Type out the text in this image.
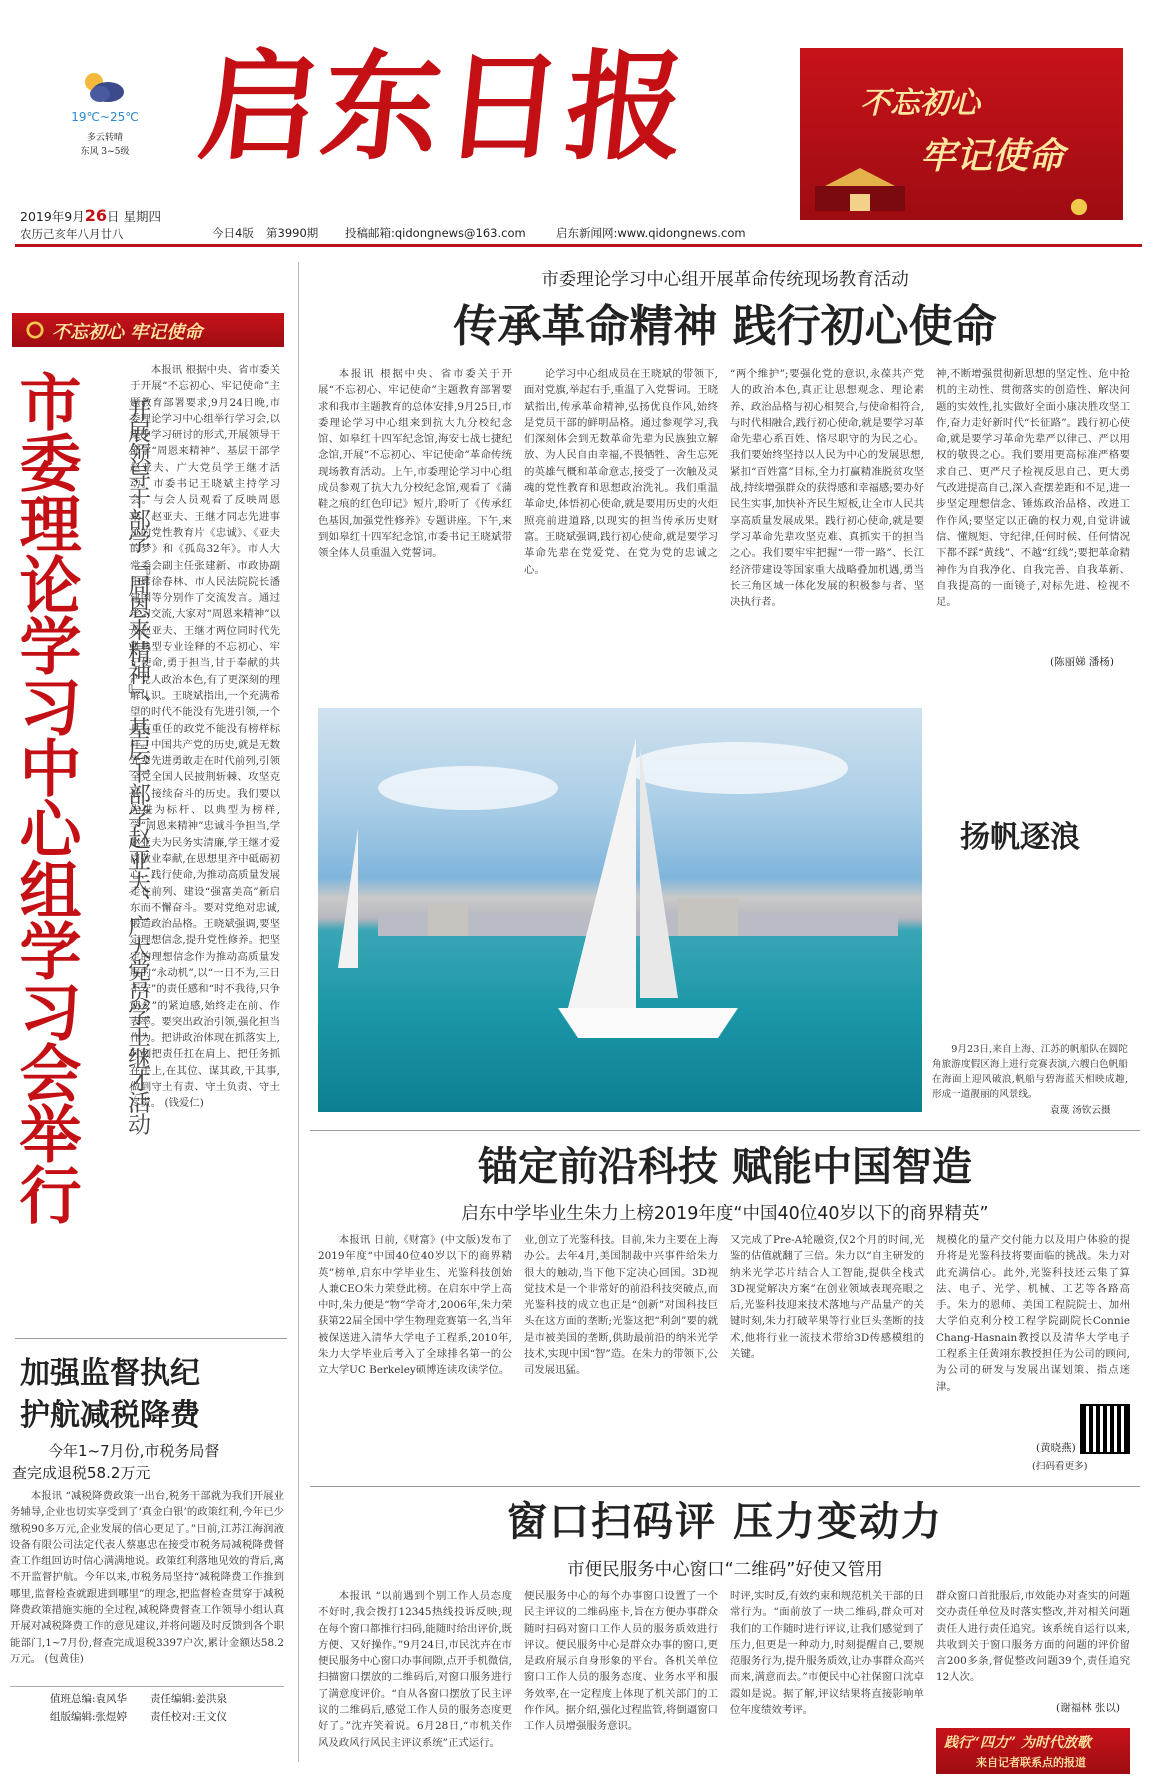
19℃~25℃
多云转晴
东风 3~5级 启东日报	不忘初心
牢记使命
2019年9月26日 星期四
农历己亥年八月廿八	今日4版 第3990期 投稿邮箱:qidongnews@163.com	启东新闻网:www.qidongnews.com
不忘初心 牢记使命
市委理论学习中心组学习会举行	开展领导干部学『周恩来精神』、基层干部学赵亚夫、广大党员学王继才活动
本报讯 根据中央、省市委关于开展“不忘初心、牢记使命”主题教育部署要求,9月24日晚,市委理论学习中心组举行学习会,以集中学习研讨的形式,开展领导干部学“周恩来精神”、基层干部学赵亚夫、广大党员学王继才活动。市委书记王晓斌主持学习会。与会人员观看了反映周恩来、赵亚夫、王继才同志先进事迹的党性教育片《忠诚》、《亚夫的梦》和《孤岛32年》。市人大常委会副主任张建新、市政协副主席徐春林、市人民法院院长潘建国等分别作了交流发言。通过学习交流,大家对“周恩来精神”以及赵亚夫、王继才两位同时代先进典型专业诠释的不忘初心、牢记使命,勇于担当,甘于奉献的共产党人政治本色,有了更深刻的理解认识。王晓斌指出,一个充满希望的时代不能没有先进引领,一个具有重任的政党不能没有榜样标杆。中国共产党的历史,就是无数先辈先进勇敢走在时代前列,引领全党全国人民披荆斩棘、攻坚克难、接续奋斗的历史。我们要以先进为标杆、以典型为榜样,学“周恩来精神”忠诚斗争担当,学赵亚夫为民务实清廉,学王继才爱岗敬业奉献,在思想里齐中砥砺初心、践行使命,为推动高质量发展走在前列、建设“强富美高”新启东而不懈奋斗。要对党绝对忠诚,锻造政治品格。王晓斌强调,要坚定理想信念,提升党性修养。把坚定的理想信念作为推动高质量发展的“永动机”,以“一日不为,三日不安”的责任感和“时不我待,只争朝夕”的紧迫感,始终走在前、作表率。要突出政治引领,强化担当作为。把讲政治体现在抓落实上,时刻把责任扛在肩上、把任务抓在手上,在其位、谋其政,干其事,做到守土有责、守土负责、守土尽责。 (钱爱仁)
加强监督执纪
护航减税降费
今年1~7月份,市税务局督
查完成退税58.2万元
本报讯 “减税降费政策一出台,税务干部就为我们开展业务辅导,企业也切实享受到了‘真金白银’的政策红利,今年已少缴税90多万元,企业发展的信心更足了。”日前,江苏江海润液设备有限公司法定代表人蔡惠忠在接受市税务局减税降费督查工作组回访时信心满满地说。政策红利落地见效的背后,离不开监督护航。今年以来,市税务局坚持“减税降费工作推到哪里,监督检查就跟进到哪里”的理念,把监督检查贯穿于减税降费政策措施实施的全过程,减税降费督查工作领导小组认真开展对减税降费工作的意见建议,并将问题及时反馈到各个职能部门,1~7月份,督查完成退税3397户次,累计金额达58.2万元。 (包黄佳)
值班总编:袁风华 责任编辑:姜洪泉
组版编辑:张煜婷 责任校对:王文仪
市委理论学习中心组开展革命传统现场教育活动
传承革命精神 践行初心使命
本报讯 根据中央、省市委关于开展“不忘初心、牢记使命”主题教育部署要求和我市主题教育的总体安排,9月25日,市委理论学习中心组来到抗大九分校纪念馆、如皋红十四军纪念馆,海安七战七捷纪念馆,开展“不忘初心、牢记使命”革命传统现场教育活动。上午,市委理论学习中心组成员参观了抗大九分校纪念馆,观看了《蒲鞋之痕的红色印记》短片,聆听了《传承红色基因,加强党性修养》专题讲座。下午,来到如皋红十四军纪念馆,市委书记王晓斌带领全体人员重温入党誓词。
论学习中心组成员在王晓斌的带领下,面对党旗,举起右手,重温了入党誓词。王晓斌指出,传承革命精神,弘扬优良作风,始终是党员干部的鲜明品格。通过参观学习,我们深刻体会到无数革命先辈为民族独立解放、为人民自由幸福,不畏牺牲、舍生忘死的英雄气概和革命意志,接受了一次触及灵魂的党性教育和思想政治洗礼。我们重温革命史,体悟初心使命,就是要用历史的火炬照亮前进道路,以现实的担当传承历史财富。王晓斌强调,践行初心使命,就是要学习革命先辈在党爱党、在党为党的忠诚之心。
“两个维护”;要强化党的意识,永葆共产党人的政治本色,真正让思想观念、理论素养、政治品格与初心相契合,与使命相符合,与时代相融合,践行初心使命,就是要学习革命先辈心系百姓、恪尽职守的为民之心。我们要始终坚持以人民为中心的发展思想,紧扣“百姓富”目标,全力打赢精准脱贫攻坚战,持续增强群众的获得感和幸福感;要办好民生实事,加快补齐民生短板,让全市人民共享高质量发展成果。践行初心使命,就是要学习革命先辈攻坚克难、真抓实干的担当之心。我们要牢牢把握“一带一路”、长江经济带建设等国家重大战略叠加机遇,勇当长三角区域一体化发展的积极参与者、坚决执行者。
神,不断增强贯彻新思想的坚定性、危中抢机的主动性、贯彻落实的创造性、解决问题的实效性,扎实做好全面小康决胜攻坚工作,奋力走好新时代“长征路”。践行初心使命,就是要学习革命先辈严以律己、严以用权的敬畏之心。我们要用更高标准严格要求自己、更严尺子检视反思自己、更大勇气改进提高自己,深入查摆差距和不足,进一步坚定理想信念、锤炼政治品格、改进工作作风;要坚定以正确的权力观,自觉讲诚信、懂规矩、守纪律,任何时候、任何情况下都不踩“黄线”、不越“红线”;要把革命精神作为自我净化、自我完善、自我革新、自我提高的一面镜子,对标先进、检视不足。
(陈丽娣 潘杨)
扬帆逐浪
9月23日,来自上海、江苏的帆船队在圆陀角旅游度假区海上进行竞赛表演,六艘白色帆船在海面上迎风破浪,帆船与碧海蓝天相映成趣,形成一道靓丽的风景线。
袁蔑 汤钦云摄
锚定前沿科技 赋能中国智造
启东中学毕业生朱力上榜2019年度“中国40位40岁以下的商界精英”
本报讯 日前,《财富》(中文版)发布了2019年度“中国40位40岁以下的商界精英”榜单,启东中学毕业生、光鉴科技创始人兼CEO朱力荣登此榜。在启东中学上高中时,朱力便是“物”学奇才,2006年,朱力荣获第22届全国中学生物理竞赛第一名,当年被保送进入清华大学电子工程系,2010年,朱力大学毕业后考入了全球排名第一的公立大学UC Berkeley硕博连读攻读学位。
业,创立了光鉴科技。目前,朱力主要在上海办公。去年4月,美国制裁中兴事件给朱力很大的触动,当下他下定决心回国。3D视觉技术是一个非常好的前沿科技突破点,而光鉴科技的成立也正是“创新”对国科技巨头在这方面的垄断;光鉴这把“利剑”要的就是市被美国的垄断,供助最前沿的纳米光学技术,实现中国“智”造。在朱力的带领下,公司发展迅猛。
又完成了Pre-A轮融资,仅2个月的时间,光鉴的估值就翻了三倍。朱力以“自主研发的纳米光学芯片结合人工智能,提供全栈式3D视觉解决方案”在创业领域表现亮眼之后,光鉴科技迎来技术落地与产品量产的关键时刻,朱力打破苹果等行业巨头垄断的技术,他将行业一流技术带给3D传感模组的关键。
规模化的量产交付能力以及用户体验的提升将是光鉴科技将要面临的挑战。朱力对此充满信心。此外,光鉴科技还云集了算法、电子、光学、机械、工艺等各路高手。朱力的恩师、美国工程院院士、加州大学伯克利分校工程学院副院长Connie Chang-Hasnain教授以及清华大学电子工程系主任黄翊东教授担任为公司的顾问,为公司的研发与发展出谋划策、指点迷津。
(黄晓燕)
(扫码看更多)
窗口扫码评 压力变动力
市便民服务中心窗口“二维码”好使又管用
本报讯 “以前遇到个别工作人员态度不好时,我会拨打12345热线投诉反映,现在每个窗口都推行扫码,能随时给出评价,既方便、又好操作。”9月24日,市民沈卉在市便民服务中心窗口办事间隙,点开手机微信,扫描窗口摆放的二维码后,对窗口服务进行了满意度评价。“自从各窗口摆放了民主评议的二维码后,感觉工作人员的服务态度更好了。”沈卉笑着说。6月28日,“市机关作风及政风行风民主评议系统”正式运行。
便民服务中心的每个办事窗口设置了一个民主评议的二维码座卡,旨在方便办事群众随时扫码对窗口工作人员的服务质效进行评议。便民服务中心是群众办事的窗口,更是政府展示自身形象的平台。各机关单位窗口工作人员的服务态度、业务水平和服务效率,在一定程度上体现了机关部门的工作作风。据介绍,强化过程监管,将倒逼窗口工作人员增强服务意识。
时评,实时反,有效约束和规范机关干部的日常行为。“面前放了一块二维码,群众可对我们的工作随时进行评议,让我们感觉到了压力,但更是一种动力,时刻提醒自己,要规范服务行为,提升服务质效,让办事群众高兴而来,满意而去。”市便民中心社保窗口沈卓霞如是说。据了解,评议结果将直接影响单位年度绩效考评。
群众窗口首批服后,市效能办对查实的问题交办责任单位及时落实整改,并对相关问题责任人进行责任追究。该系统自运行以来,共收到关于窗口服务方面的问题的评价留言200多条,督促整改问题39个,责任追究12人次。
(谢福林 张以)
践行“四力” 为时代放歌
来自记者联系点的报道
